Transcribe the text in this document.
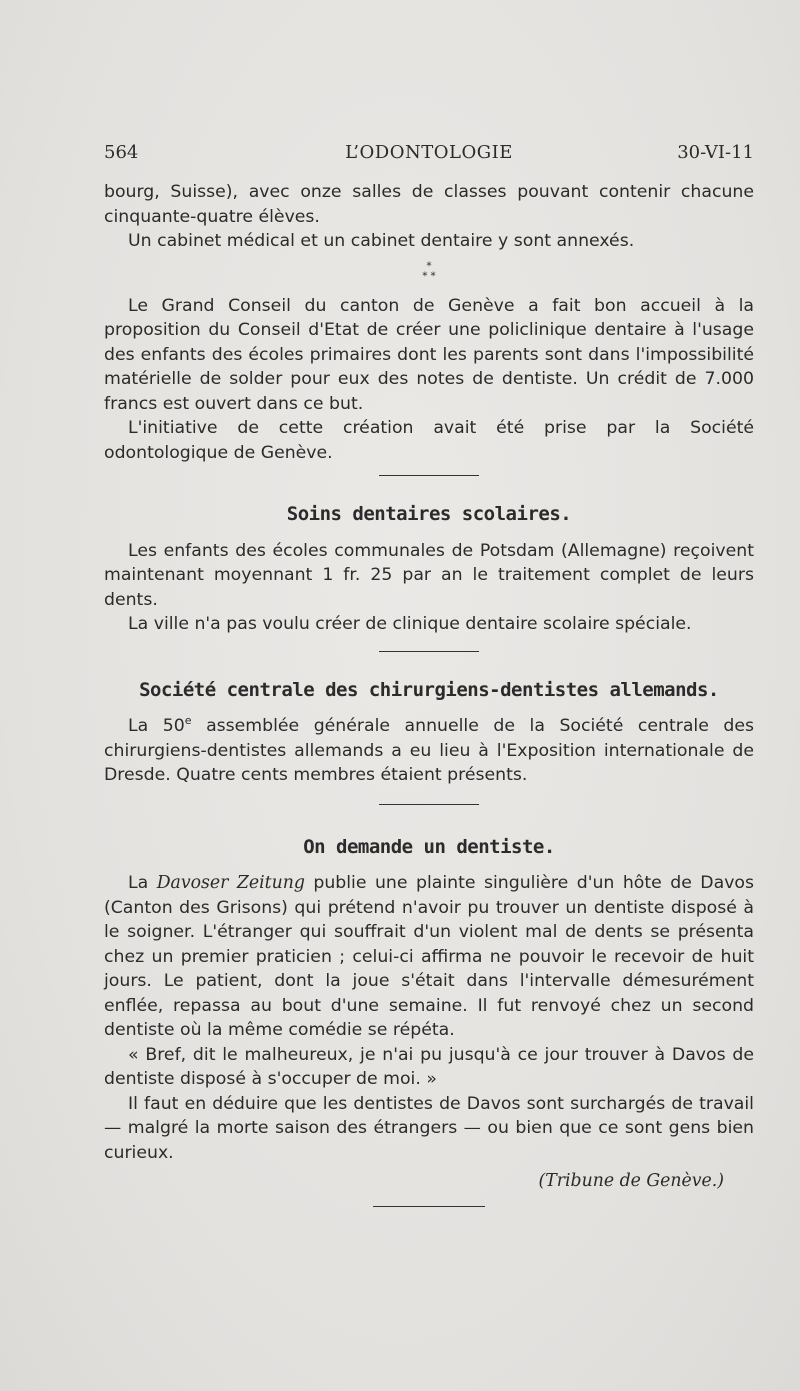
564	L’ODONTOLOGIE	30-VI-11

bourg, Suisse), avec onze salles de classes pouvant contenir chacune cinquante-quatre élèves.

Un cabinet médical et un cabinet dentaire y sont annexés.

*
* *

Le Grand Conseil du canton de Genève a fait bon accueil à la proposition du Conseil d'Etat de créer une policlinique dentaire à l'usage des enfants des écoles primaires dont les parents sont dans l'impossibilité matérielle de solder pour eux des notes de dentiste. Un crédit de 7.000 francs est ouvert dans ce but.

L'initiative de cette création avait été prise par la Société odontologique de Genève.

Soins dentaires scolaires.

Les enfants des écoles communales de Potsdam (Allemagne) reçoivent maintenant moyennant 1 fr. 25 par an le traitement complet de leurs dents.

La ville n'a pas voulu créer de clinique dentaire scolaire spéciale.

Société centrale des chirurgiens-dentistes allemands.

La 50e assemblée générale annuelle de la Société centrale des chirurgiens-dentistes allemands a eu lieu à l'Exposition internationale de Dresde. Quatre cents membres étaient présents.

On demande un dentiste.

La Davoser Zeitung publie une plainte singulière d'un hôte de Davos (Canton des Grisons) qui prétend n'avoir pu trouver un dentiste disposé à le soigner. L'étranger qui souffrait d'un violent mal de dents se présenta chez un premier praticien ; celui-ci affirma ne pouvoir le recevoir de huit jours. Le patient, dont la joue s'était dans l'intervalle démesurément enflée, repassa au bout d'une semaine. Il fut renvoyé chez un second dentiste où la même comédie se répéta.

« Bref, dit le malheureux, je n'ai pu jusqu'à ce jour trouver à Davos de dentiste disposé à s'occuper de moi. »

Il faut en déduire que les dentistes de Davos sont surchargés de travail — malgré la morte saison des étrangers — ou bien que ce sont gens bien curieux.

(Tribune de Genève.)
